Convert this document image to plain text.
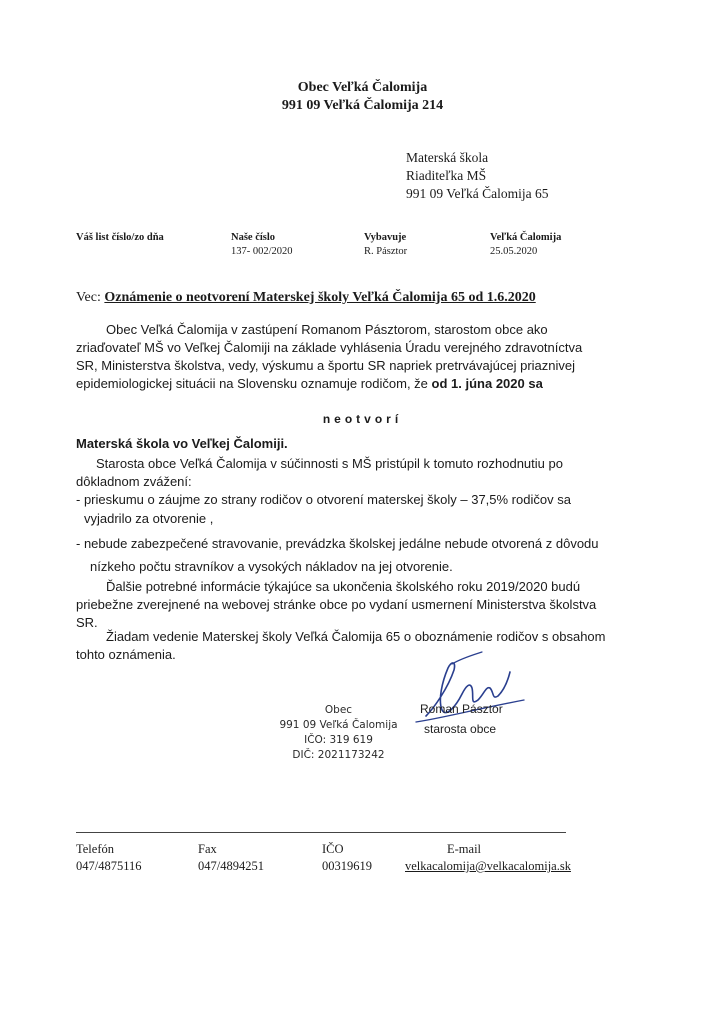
Obec Veľká Čalomija
991 09 Veľká Čalomija 214
Materská škola
Riaditeľka MŠ
991 09 Veľká Čalomija 65
Váš list číslo/zo dňa	Naše číslo
137- 002/2020
Vybavuje
R. Pásztor
Veľká Čalomija
25.05.2020
Vec: Oznámenie o neotvorení Materskej školy Veľká Čalomija 65 od 1.6.2020
Obec Veľká Čalomija v zastúpení Romanom Pásztorom, starostom obce ako
zriaďovateľ MŠ vo Veľkej Čalomiji na základe vyhlásenia Úradu verejného zdravotníctva
SR, Ministerstva školstva, vedy, výskumu a športu SR napriek pretrvávajúcej priaznivej
epidemiologickej situácii na Slovensku oznamuje rodičom, že od 1. júna 2020 sa
neotvorí
Materská škola vo Veľkej Čalomiji.
Starosta obce Veľká Čalomija v súčinnosti s MŠ pristúpil k tomuto rozhodnutiu po
dôkladnom zvážení:
- prieskumu o záujme zo strany rodičov o otvorení materskej školy – 37,5% rodičov sa
vyjadrilo za otvorenie ,
- nebude zabezpečené stravovanie, prevádzka školskej jedálne nebude otvorená z dôvodu
nízkeho počtu stravníkov a vysokých nákladov na jej otvorenie.
Ďalšie potrebné informácie týkajúce sa ukončenia školského roku 2019/2020 budú
priebežne zverejnené na webovej stránke obce po vydaní usmernení Ministerstva školstva SR.
Žiadam vedenie Materskej školy Veľká Čalomija 65 o oboznámenie rodičov s obsahom
tohto oznámenia.
Obec
991 09 Veľká Čalomija
IČO: 319 619
DIČ: 2021173242
Roman Pásztor
starosta obce
Telefón
047/4875116
Fax
047/4894251
IČO
00319619
E-mail
velkacalomija@velkacalomija.sk
